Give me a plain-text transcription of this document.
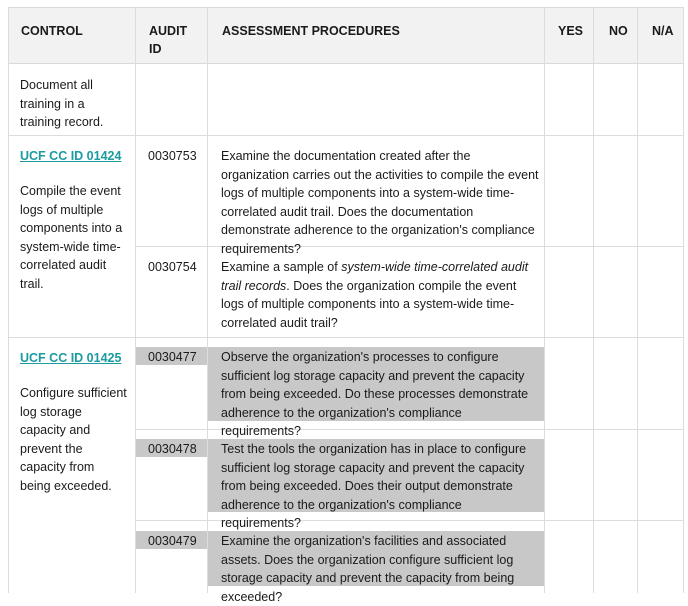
CONTROL	AUDIT
ID
ASSESSMENT PROCEDURES	YES NO N/A
Document all training in a training record.
UCF CC ID 01424
Compile the event logs of multiple components into a system-wide time-correlated audit trail.
0030753 Examine the documentation created after the organization carries out the activities to compile the event logs of multiple components into a system-wide time-correlated audit trail. Does the documentation demonstrate adherence to the organization's compliance requirements?
0030754 Examine a sample of system-wide time-correlated audit trail records. Does the organization compile the event logs of multiple components into a system-wide time-correlated audit trail?
UCF CC ID 01425
Configure sufficient log storage capacity and prevent the capacity from being exceeded.
0030477 Observe the organization's processes to configure sufficient log storage capacity and prevent the capacity from being exceeded. Do these processes demonstrate adherence to the organization's compliance requirements?
0030478 Test the tools the organization has in place to configure sufficient log storage capacity and prevent the capacity from being exceeded. Does their output demonstrate adherence to the organization's compliance requirements?
0030479 Examine the organization's facilities and associated assets. Does the organization configure sufficient log storage capacity and prevent the capacity from being exceeded?
